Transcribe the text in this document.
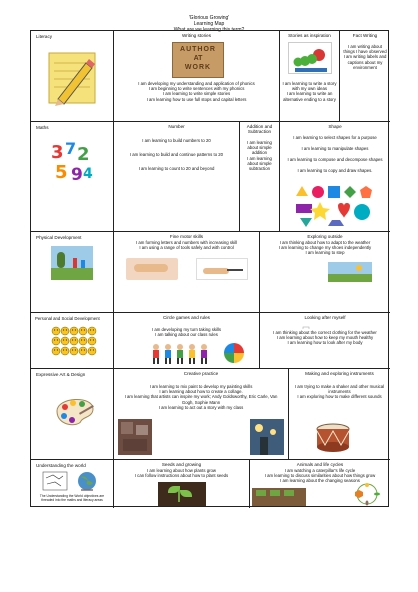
'Glorious Growing'
Learning Map
What are we learning this term?
Literacy	Writing stories
AUTHOR
AT
WORK
I am developing my understanding and application of phonics
I am beginning to write sentences with my phonics
I am learning to write simple stories
I am learning how to use full stops and capital letters
Stories as inspiration
I am learning to write a story with my own ideas
I am learning to write an alternative ending to a story
Fact Writing
I am writing about things I have observed
I am writing labels and captions about my environment
Maths
3 7 2
5 9 4
Number
I am learning to build numbers to 20
I am learning to build and continue patterns to 20
I am learning to count to 20 and beyond
Addition and Subtraction
I am learning about simple addition
I am learning about simple subtraction
Shape
I am learning to select shapes for a purpose
I am learning to manipulate shapes
I am learning to compose and decompose shapes
I am learning to copy and draw shapes.
Physical Development	Fine motor skills
I am forming letters and numbers with increasing skill
I am using a range of tools safely and with control
Exploring outside
I am thinking about how to adapt to the weather
I am learning to change my shoes independently
I am learning to step
Personal and Social Development	Circle games and rules
I am developing my turn taking skills
I am talking about our class rules
Looking after myself
I am thinking about the correct clothing for the weather
I am learning about how to keep my mouth healthy
I am learning how to look after my body
Expressive Art & Design	Creative practice
I am learning to mix paint to develop my painting skills
I am learning about how to create a collage.
I am learning that artists can inspire my work; Andy Goldsworthy, Eric Carle, Van Gogh, Sophie Mann
I am learning to act out a story with my class
Making and exploring instruments
I am trying to make a shaker and other musical instruments
I am exploring how to make different sounds
Understanding the world
The Understanding the World objectives are threaded into the maths and literacy areas
Seeds and growing
I am learning about how plants grow
I can follow instructions about how to plant seeds
Animals and life cycles
I am watching a caterpillar's life cycle
I am learning to discuss similarities about how things grow
I am learning about the changing seasons
